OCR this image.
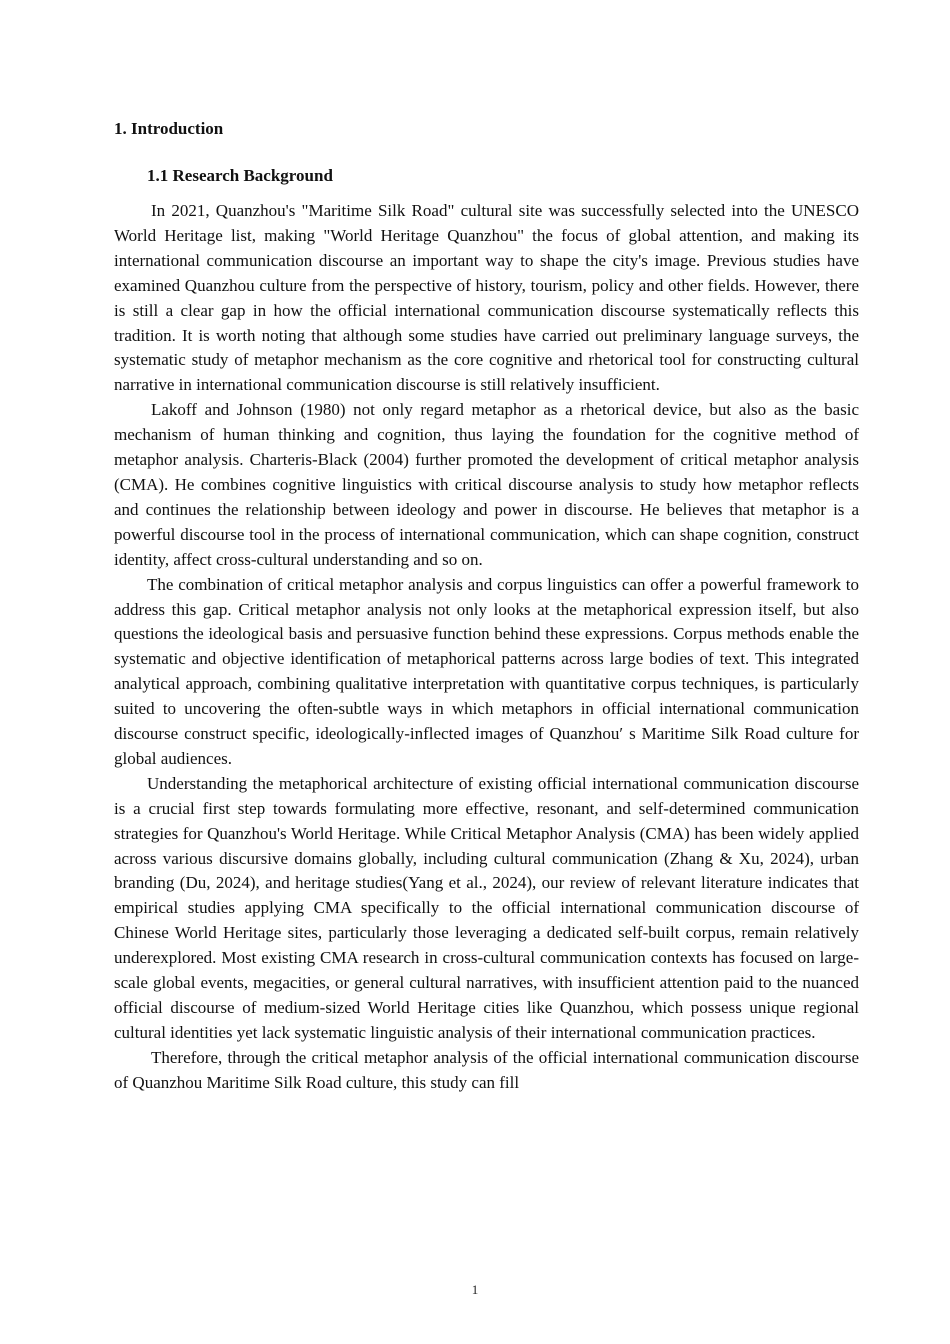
1. Introduction
1.1 Research Background

In 2021, Quanzhou's "Maritime Silk Road" cultural site was successfully selected into the UNESCO World Heritage list, making "World Heritage Quanzhou" the focus of global attention, and making its international communication discourse an important way to shape the city's image. Previous studies have examined Quanzhou culture from the perspective of history, tourism, policy and other fields. However, there is still a clear gap in how the official international communication discourse systematically reflects this tradition. It is worth noting that although some studies have carried out preliminary language surveys, the systematic study of metaphor mechanism as the core cognitive and rhetorical tool for constructing cultural narrative in international communication discourse is still relatively insufficient.

Lakoff and Johnson (1980) not only regard metaphor as a rhetorical device, but also as the basic mechanism of human thinking and cognition, thus laying the foundation for the cognitive method of metaphor analysis. Charteris-Black (2004) further promoted the development of critical metaphor analysis (CMA). He combines cognitive linguistics with critical discourse analysis to study how metaphor reflects and continues the relationship between ideology and power in discourse. He believes that metaphor is a powerful discourse tool in the process of international communication, which can shape cognition, construct identity, affect cross-cultural understanding and so on.

The combination of critical metaphor analysis and corpus linguistics can offer a powerful framework to address this gap. Critical metaphor analysis not only looks at the metaphorical expression itself, but also questions the ideological basis and persuasive function behind these expressions. Corpus methods enable the systematic and objective identification of metaphorical patterns across large bodies of text. This integrated analytical approach, combining qualitative interpretation with quantitative corpus techniques, is particularly suited to uncovering the often-subtle ways in which metaphors in official international communication discourse construct specific, ideologically-inflected images of Quanzhou′ s Maritime Silk Road culture for global audiences.

Understanding the metaphorical architecture of existing official international communication discourse is a crucial first step towards formulating more effective, resonant, and self-determined communication strategies for Quanzhou's World Heritage. While Critical Metaphor Analysis (CMA) has been widely applied across various discursive domains globally, including cultural communication (Zhang & Xu, 2024), urban branding (Du, 2024), and heritage studies(Yang et al., 2024), our review of relevant literature indicates that empirical studies applying CMA specifically to the official international communication discourse of Chinese World Heritage sites, particularly those leveraging a dedicated self-built corpus, remain relatively underexplored. Most existing CMA research in cross-cultural communication contexts has focused on large-scale global events, megacities, or general cultural narratives, with insufficient attention paid to the nuanced official discourse of medium-sized World Heritage cities like Quanzhou, which possess unique regional cultural identities yet lack systematic linguistic analysis of their international communication practices.

Therefore, through the critical metaphor analysis of the official international communication discourse of Quanzhou Maritime Silk Road culture, this study can fill

1
